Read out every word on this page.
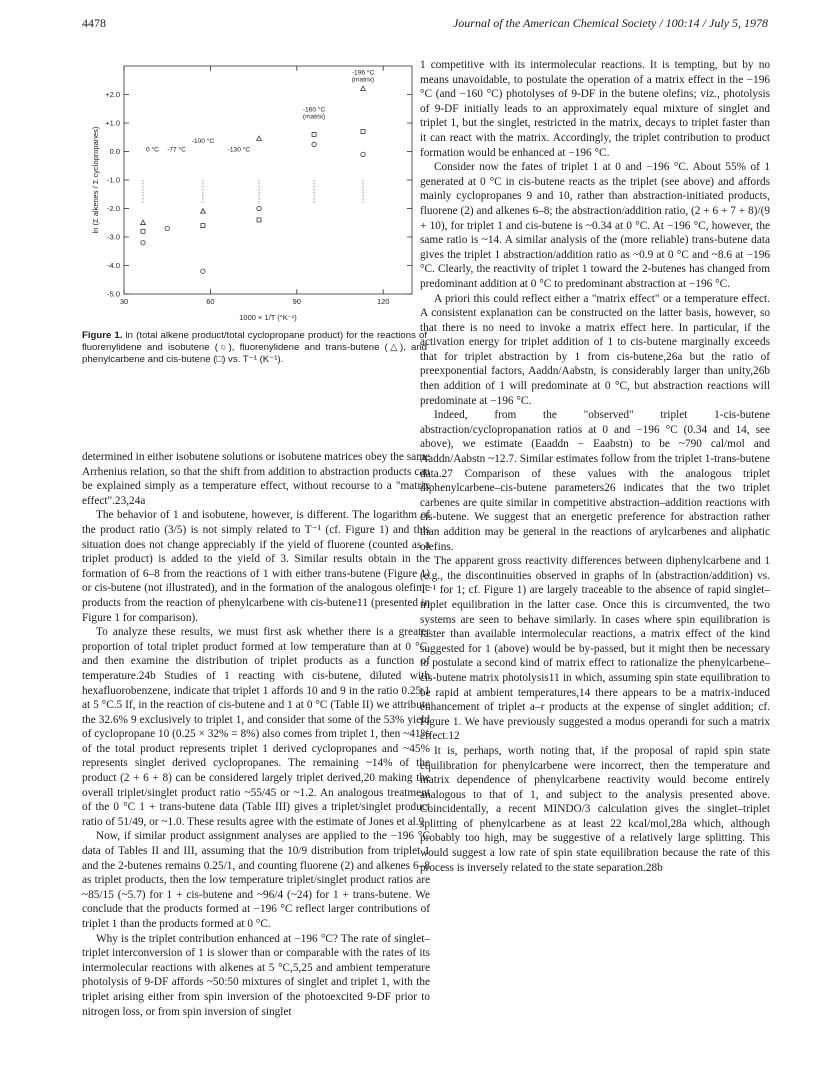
4478	Journal of the American Chemical Society / 100:14 / July 5, 1978
+2.0
+1.0
0.0
-1.0
-2.0
-3.0
-4.0
-5.0
30	60	90	120
0 °C -77 °C
-100 °C
-130 °C
-160 °C
(matrix)
-196 °C
(matrix)
ln (Σ alkenes / Σ cyclopropanes)
1000 × 1/T (°K⁻¹)
Figure 1. ln (total alkene product/total cyclopropane product) for the reactions of fluorenylidene and isobutene (○), fluorenylidene and trans-butene (△), and phenylcarbene and cis-butene (□) vs. T⁻¹ (K⁻¹).

determined in either isobutene solutions or isobutene matrices obey the same Arrhenius relation, so that the shift from addition to abstraction products can be explained simply as a temperature effect, without recourse to a "matrix effect".23,24a

The behavior of 1 and isobutene, however, is different. The logarithm of the product ratio (3/5) is not simply related to T⁻¹ (cf. Figure 1) and this situation does not change appreciably if the yield of fluorene (counted as a triplet product) is added to the yield of 3. Similar results obtain in the formation of 6–8 from the reactions of 1 with either trans-butene (Figure 1) or cis-butene (not illustrated), and in the formation of the analogous olefinic products from the reaction of phenylcarbene with cis-butene11 (presented in Figure 1 for comparison).

To analyze these results, we must first ask whether there is a greater proportion of total triplet product formed at low temperature than at 0 °C, and then examine the distribution of triplet products as a function of temperature.24b Studies of 1 reacting with cis-butene, diluted with hexafluorobenzene, indicate that triplet 1 affords 10 and 9 in the ratio 0.25:1 at 5 °C.5 If, in the reaction of cis-butene and 1 at 0 °C (Table II) we attribute the 32.6% 9 exclusively to triplet 1, and consider that some of the 53% yield of cyclopropane 10 (0.25 × 32% = 8%) also comes from triplet 1, then ~41% of the total product represents triplet 1 derived cyclopropanes and ~45% represents singlet derived cyclopropanes. The remaining ~14% of the product (2 + 6 + 8) can be considered largely triplet derived,20 making the overall triplet/singlet product ratio ~55/45 or ~1.2. An analogous treatment of the 0 °C 1 + trans-butene data (Table III) gives a triplet/singlet product ratio of 51/49, or ~1.0. These results agree with the estimate of Jones et al.9

Now, if similar product assignment analyses are applied to the −196 °C data of Tables II and III, assuming that the 10/9 distribution from triplet 1 and the 2-butenes remains 0.25/1, and counting fluorene (2) and alkenes 6–8 as triplet products, then the low temperature triplet/singlet product ratios are ~85/15 (~5.7) for 1 + cis-butene and ~96/4 (~24) for 1 + trans-butene. We conclude that the products formed at −196 °C reflect larger contributions of triplet 1 than the products formed at 0 °C.

Why is the triplet contribution enhanced at −196 °C? The rate of singlet–triplet interconversion of 1 is slower than or comparable with the rates of its intermolecular reactions with alkenes at 5 °C,5,25 and ambient temperature photolysis of 9-DF affords ~50:50 mixtures of singlet and triplet 1, with the triplet arising either from spin inversion of the photoexcited 9-DF prior to nitrogen loss, or from spin inversion of singlet

1 competitive with its intermolecular reactions. It is tempting, but by no means unavoidable, to postulate the operation of a matrix effect in the −196 °C (and −160 °C) photolyses of 9-DF in the butene olefins; viz., photolysis of 9-DF initially leads to an approximately equal mixture of singlet and triplet 1, but the singlet, restricted in the matrix, decays to triplet faster than it can react with the matrix. Accordingly, the triplet contribution to product formation would be enhanced at −196 °C.

Consider now the fates of triplet 1 at 0 and −196 °C. About 55% of 1 generated at 0 °C in cis-butene reacts as the triplet (see above) and affords mainly cyclopropanes 9 and 10, rather than abstraction-initiated products, fluorene (2) and alkenes 6–8; the abstraction/addition ratio, (2 + 6 + 7 + 8)/(9 + 10), for triplet 1 and cis-butene is ~0.34 at 0 °C. At −196 °C, however, the same ratio is ~14. A similar analysis of the (more reliable) trans-butene data gives the triplet 1 abstraction/addition ratio as ~0.9 at 0 °C and ~8.6 at −196 °C. Clearly, the reactivity of triplet 1 toward the 2-butenes has changed from predominant addition at 0 °C to predominant abstraction at −196 °C.

A priori this could reflect either a "matrix effect" or a temperature effect. A consistent explanation can be constructed on the latter basis, however, so that there is no need to invoke a matrix effect here. In particular, if the activation energy for triplet addition of 1 to cis-butene marginally exceeds that for triplet abstraction by 1 from cis-butene,26a but the ratio of preexponential factors, Aaddn/Aabstn, is considerably larger than unity,26b then addition of 1 will predominate at 0 °C, but abstraction reactions will predominate at −196 °C.

Indeed, from the "observed" triplet 1-cis-butene abstraction/cyclopropanation ratios at 0 and −196 °C (0.34 and 14, see above), we estimate (Eaaddn − Eaabstn) to be ~790 cal/mol and Aaddn/Aabstn ~12.7. Similar estimates follow from the triplet 1-trans-butene data.27 Comparison of these values with the analogous triplet diphenylcarbene–cis-butene parameters26 indicates that the two triplet carbenes are quite similar in competitive abstraction–addition reactions with cis-butene. We suggest that an energetic preference for abstraction rather than addition may be general in the reactions of arylcarbenes and aliphatic olefins.

The apparent gross reactivity differences between diphenylcarbene and 1 (e.g., the discontinuities observed in graphs of ln (abstraction/addition) vs. T⁻¹ for 1; cf. Figure 1) are largely traceable to the absence of rapid singlet–triplet equilibration in the latter case. Once this is circumvented, the two systems are seen to behave similarly. In cases where spin equilibration is faster than available intermolecular reactions, a matrix effect of the kind suggested for 1 (above) would be by-passed, but it might then be necessary to postulate a second kind of matrix effect to rationalize the phenylcarbene–cis-butene matrix photolysis11 in which, assuming spin state equilibration to be rapid at ambient temperatures,14 there appears to be a matrix-induced enhancement of triplet a–r products at the expense of singlet addition; cf. Figure 1. We have previously suggested a modus operandi for such a matrix effect.12

It is, perhaps, worth noting that, if the proposal of rapid spin state equilibration for phenylcarbene were incorrect, then the temperature and matrix dependence of phenylcarbene reactivity would become entirely analogous to that of 1, and subject to the analysis presented above. Coincidentally, a recent MINDO/3 calculation gives the singlet–triplet splitting of phenylcarbene as at least 22 kcal/mol,28a which, although probably too high, may be suggestive of a relatively large splitting. This would suggest a low rate of spin state equilibration because the rate of this process is inversely related to the state separation.28b
